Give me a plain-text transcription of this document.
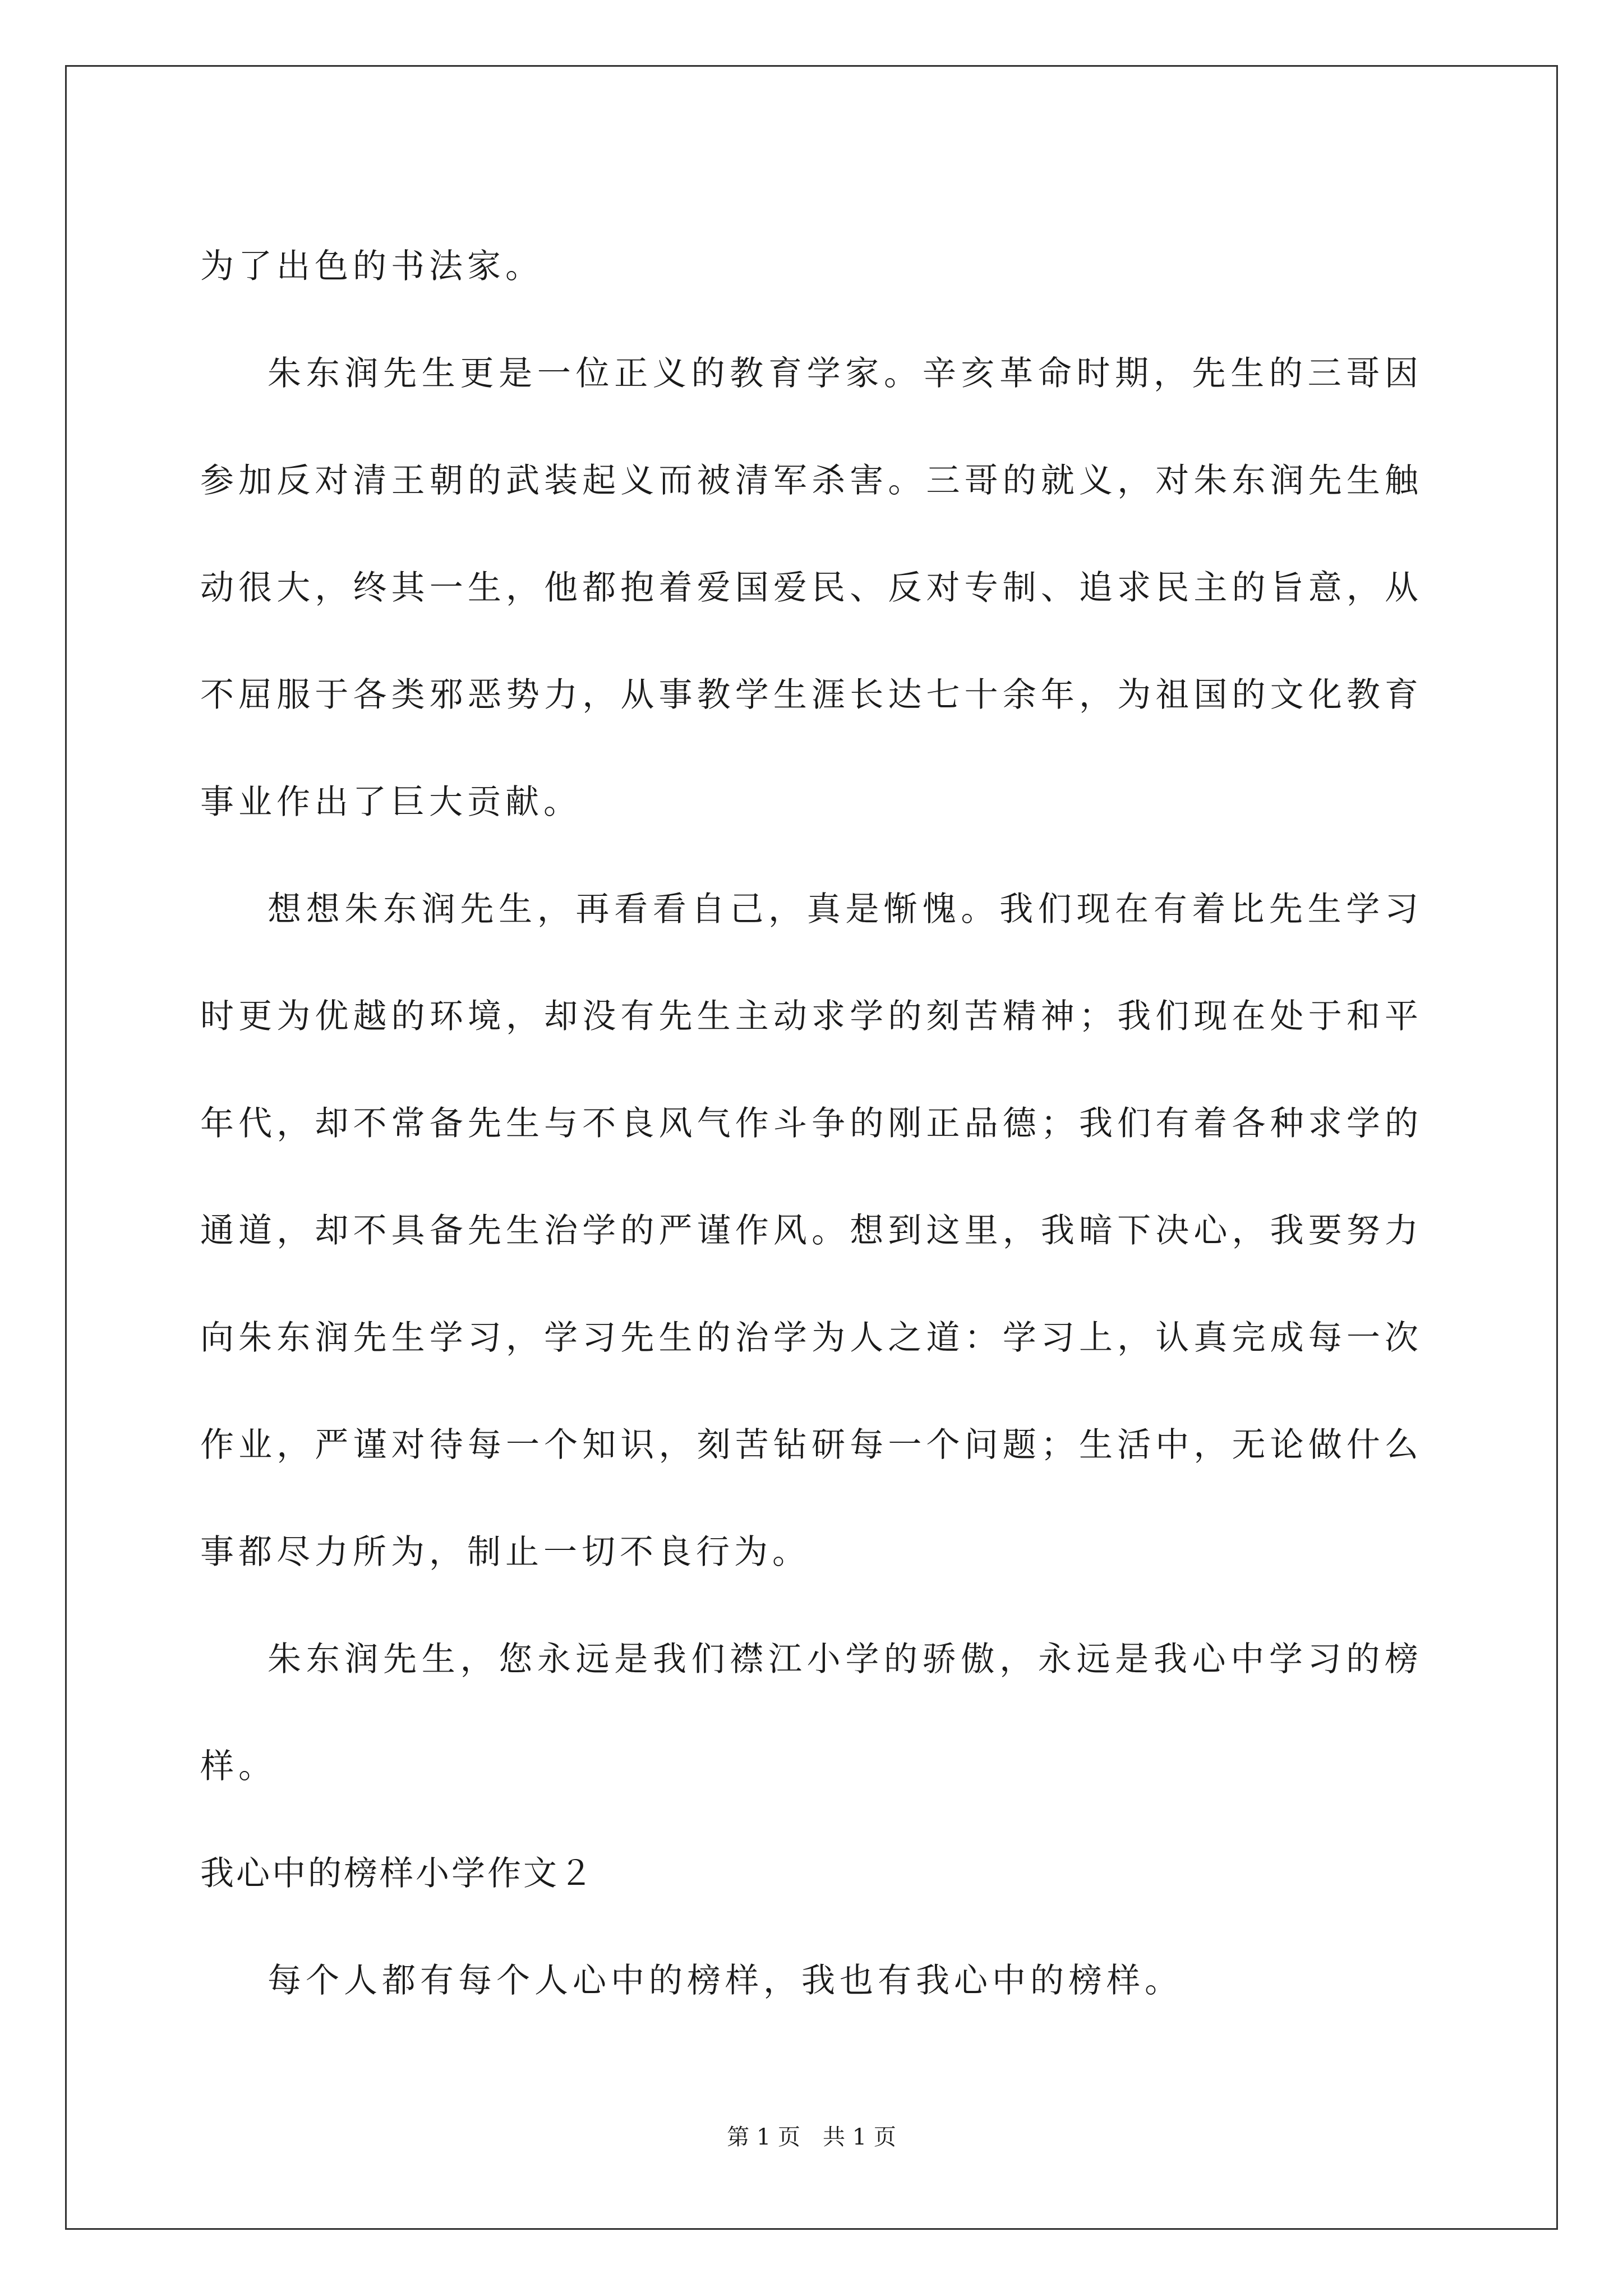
为了出色的书法家。

朱东润先生更是一位正义的教育学家。辛亥革命时期，先生的三哥因参加反对清王朝的武装起义而被清军杀害。三哥的就义，对朱东润先生触动很大，终其一生，他都抱着爱国爱民、反对专制、追求民主的旨意，从不屈服于各类邪恶势力，从事教学生涯长达七十余年，为祖国的文化教育事业作出了巨大贡献。

想想朱东润先生，再看看自己，真是惭愧。我们现在有着比先生学习时更为优越的环境，却没有先生主动求学的刻苦精神；我们现在处于和平年代，却不常备先生与不良风气作斗争的刚正品德；我们有着各种求学的通道，却不具备先生治学的严谨作风。想到这里，我暗下决心，我要努力向朱东润先生学习，学习先生的治学为人之道：学习上，认真完成每一次作业，严谨对待每一个知识，刻苦钻研每一个问题；生活中，无论做什么事都尽力所为，制止一切不良行为。

朱东润先生，您永远是我们襟江小学的骄傲，永远是我心中学习的榜样。

我心中的榜样小学作文２

每个人都有每个人心中的榜样，我也有我心中的榜样。

第 1 页 共 1 页
